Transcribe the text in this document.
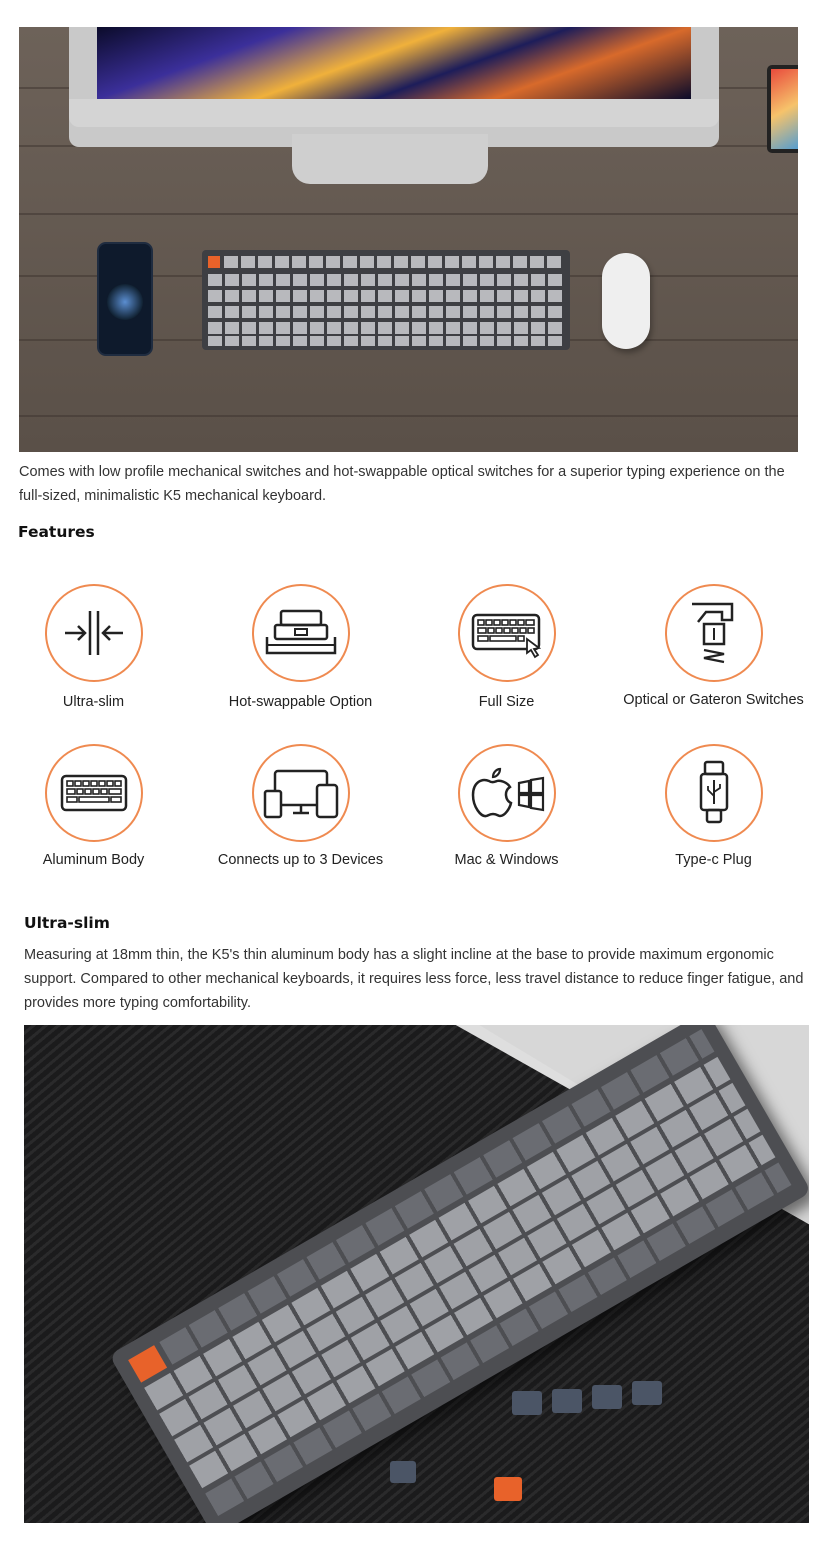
Comes with low profile mechanical switches and hot-swappable optical switches for a superior typing experience on the full-sized, minimalistic K5 mechanical keyboard.

Features
Ultra-slim	Hot-swappable Option	Full Size	Optical or Gateron Switches
Aluminum Body	Connects up to 3 Devices	Mac & Windows	Type-c Plug
Ultra-slim

Measuring at 18mm thin, the K5's thin aluminum body has a slight incline at the base to provide maximum ergonomic support. Compared to other mechanical keyboards, it requires less force, less travel distance to reduce finger fatigue, and provides more typing comfortability.
